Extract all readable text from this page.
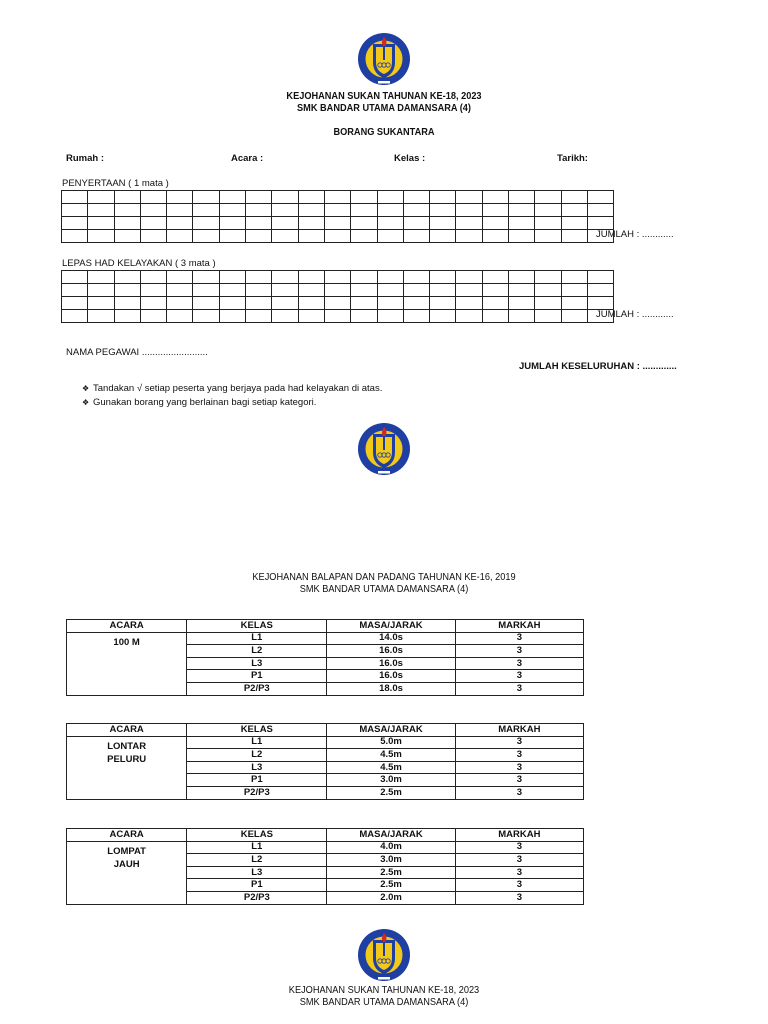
KEJOHANAN SUKAN TAHUNAN KE-18, 2023
SMK BANDAR UTAMA DAMANSARA (4)
BORANG SUKANTARA
Rumah :	Acara :	Kelas :	Tarikh:
PENYERTAAN ( 1 mata )

JUMLAH : ............
LEPAS HAD KELAYAKAN ( 3 mata )

JUMLAH : ............
NAMA PEGAWAI .........................
JUMLAH KESELURUHAN : .............
❖ Tandakan √ setiap peserta yang berjaya pada had kelayakan di atas.
❖ Gunakan borang yang berlainan bagi setiap kategori.
KEJOHANAN BALAPAN DAN PADANG TAHUNAN KE-16, 2019
SMK BANDAR UTAMA DAMANSARA (4)
ACARA	KELAS	MASA/JARAK	MARKAH

100 M	L1	14.0s	3
	L2	16.0s	3
	L3	16.0s	3
	P1	16.0s	3
	P2/P3	18.0s	3
ACARA	KELAS	MASA/JARAK	MARKAH

LONTAR
PELURU	L1	5.0m	3
	L2	4.5m	3
	L3	4.5m	3
	P1	3.0m	3
	P2/P3	2.5m	3
ACARA	KELAS	MASA/JARAK	MARKAH

LOMPAT
JAUH	L1	4.0m	3
	L2	3.0m	3
	L3	2.5m	3
	P1	2.5m	3
	P2/P3	2.0m	3
KEJOHANAN SUKAN TAHUNAN KE-18, 2023
SMK BANDAR UTAMA DAMANSARA (4)
